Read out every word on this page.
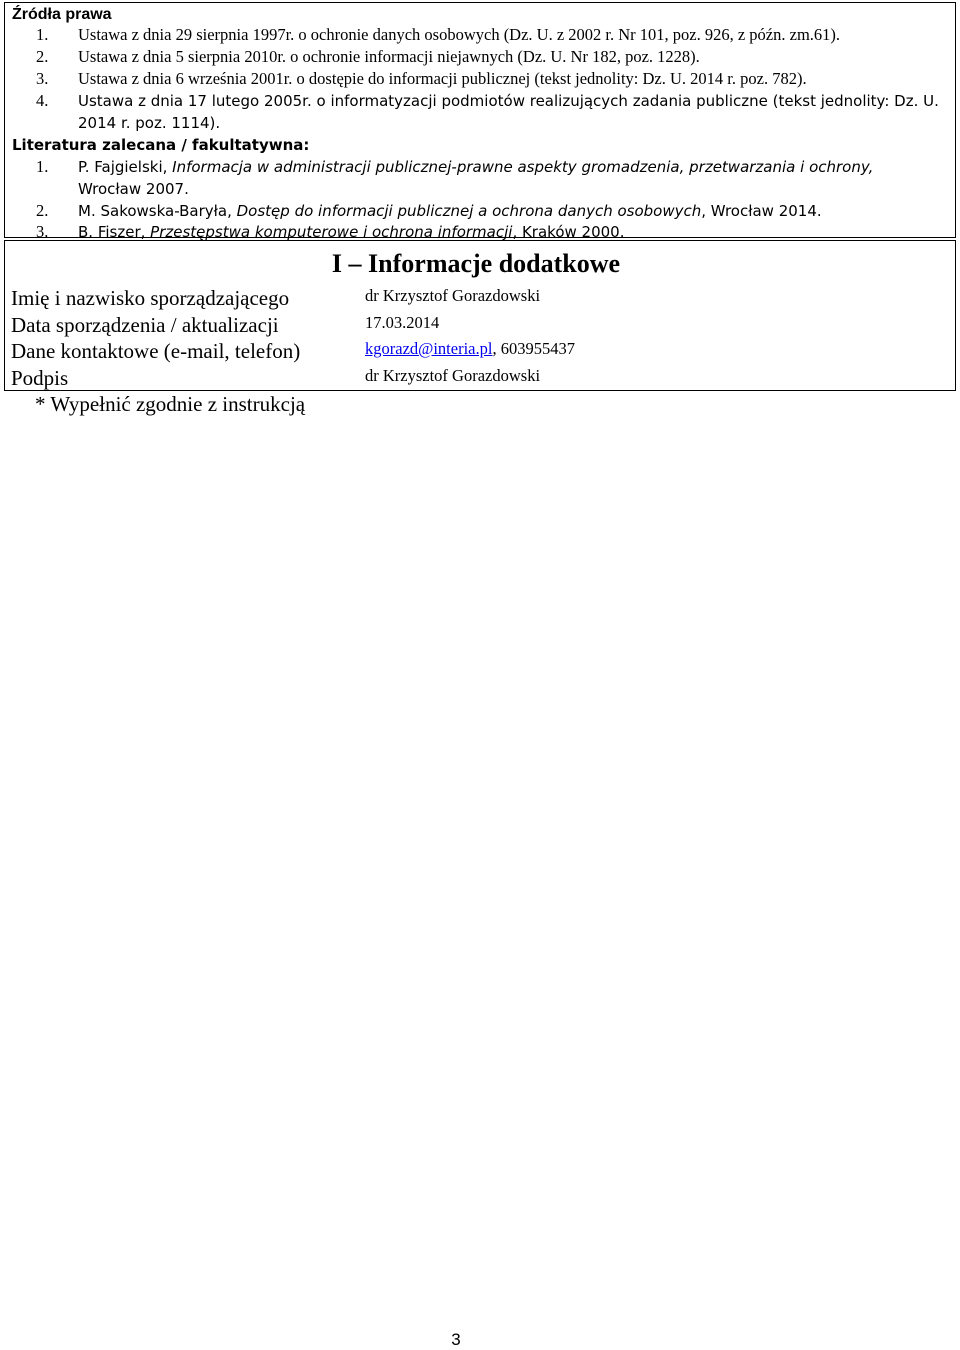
Źródła prawa
1. Ustawa z dnia 29 sierpnia 1997r. o ochronie danych osobowych (Dz. U. z 2002 r. Nr 101, poz. 926, z późn. zm.61).
2. Ustawa z dnia 5 sierpnia 2010r. o ochronie informacji niejawnych (Dz. U. Nr 182, poz. 1228).
3. Ustawa z dnia 6 września 2001r. o dostępie do informacji publicznej (tekst jednolity: Dz. U. 2014 r. poz. 782).
4. Ustawa z dnia 17 lutego 2005r. o informatyzacji podmiotów realizujących zadania publiczne (tekst jednolity: Dz. U.
2014 r. poz. 1114).
Literatura zalecana / fakultatywna:
1. P. Fajgielski, Informacja w administracji publicznej-prawne aspekty gromadzenia, przetwarzania i ochrony,
Wrocław 2007.
2. M. Sakowska-Baryła, Dostęp do informacji publicznej a ochrona danych osobowych, Wrocław 2014.
3. B. Fiszer, Przestępstwa komputerowe i ochrona informacji, Kraków 2000.
I – Informacje dodatkowe
Imię i nazwisko sporządzającego	dr Krzysztof Gorazdowski
Data sporządzenia / aktualizacji	17.03.2014
Dane kontaktowe (e-mail, telefon)	kgorazd@interia.pl, 603955437
Podpis	dr Krzysztof Gorazdowski
* Wypełnić zgodnie z instrukcją
3
